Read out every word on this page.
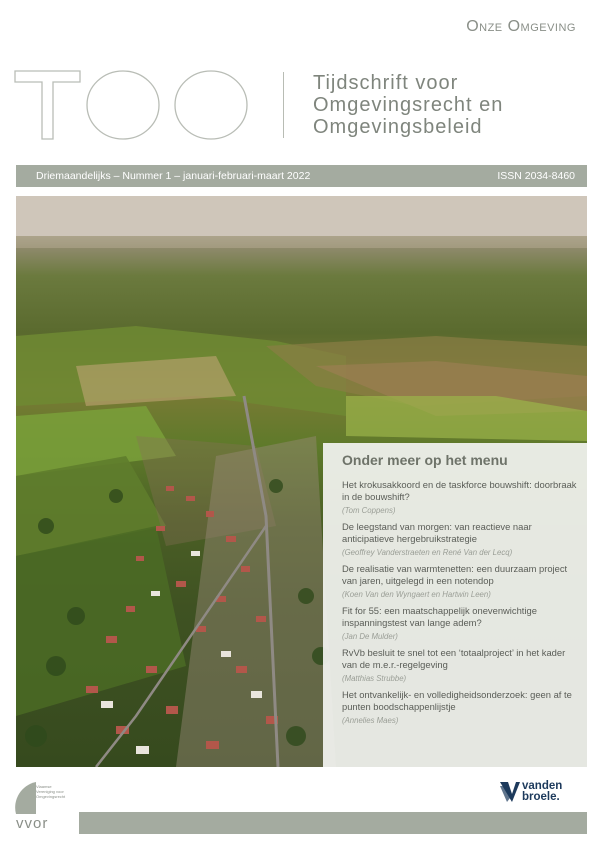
Onze Omgeving
Tijdschrift voor
Omgevingsrecht en
Omgevingsbeleid
Driemaandelijks – Nummer 1 – januari-februari-maart 2022	ISSN 2034-8460
Onder meer op het menu
Het krokusakkoord en de taskforce bouwshift: doorbraak in de bouwshift?
(Tom Coppens)
De leegstand van morgen: van reactieve naar anticipatieve hergebruikstrategie
(Geoffrey Vanderstraeten en René Van der Lecq)
De realisatie van warmtenetten: een duurzaam project van jaren, uitgelegd in een notendop
(Koen Van den Wyngaert en Hartwin Leen)
Fit for 55: een maatschappelijk onevenwichtige inspanningstest van lange adem?
(Jan De Mulder)
RvVb besluit te snel tot een ‘totaalproject’ in het kader van de m.e.r.-regelgeving
(Matthias Strubbe)
Het ontvankelijk- en volledigheidsonderzoek: geen af te punten boodschappenlijstje
(Annelies Maes)
Vlaamse
Vereniging voor
Omgevingsrecht
vvor
vanden
broele.
